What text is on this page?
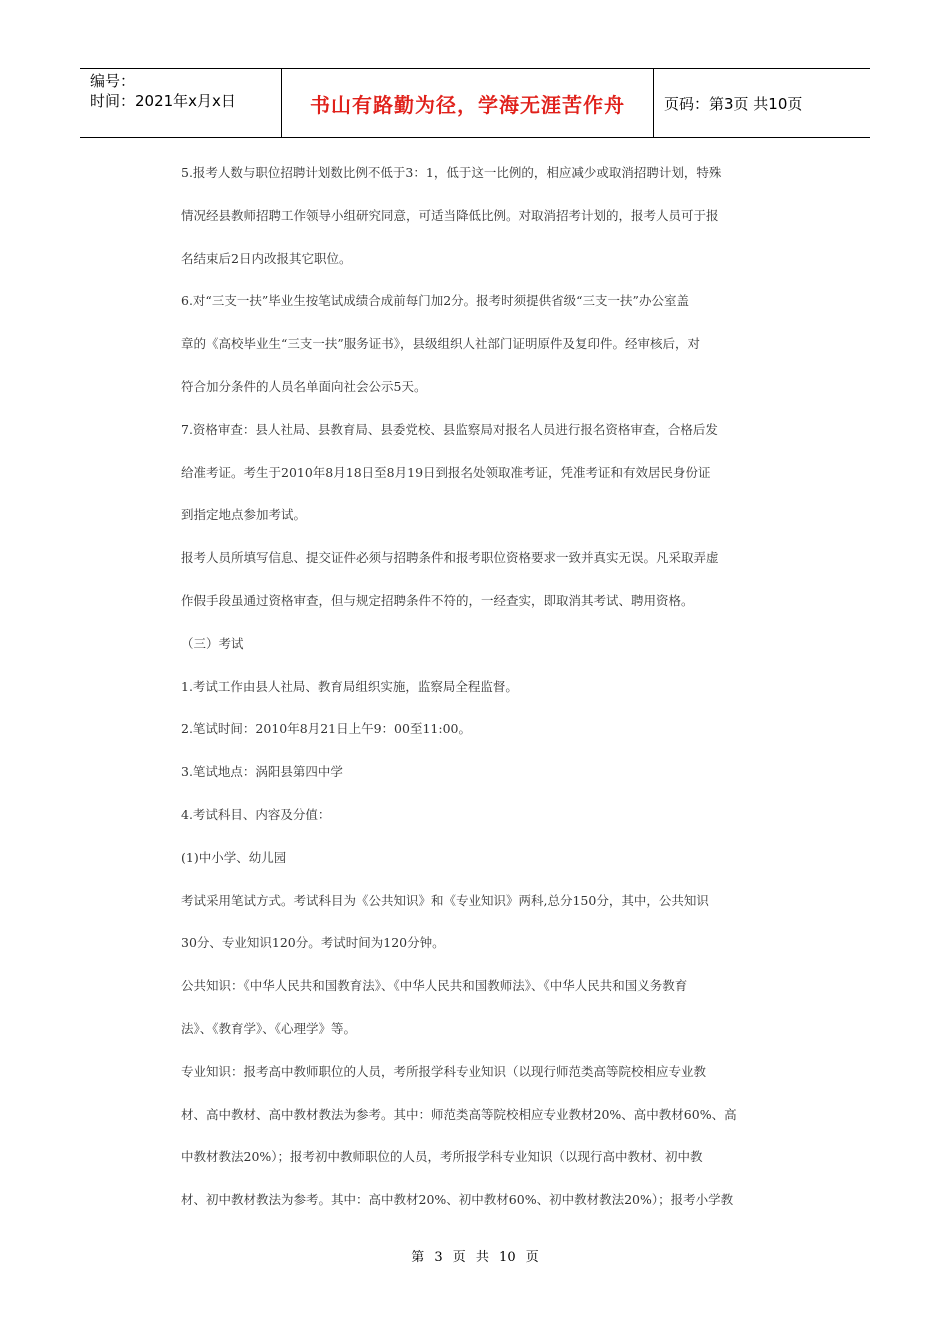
编号：
时间：2021年x月x日	书山有路勤为径，学海无涯苦作舟	页码：第3页 共10页

5.报考人数与职位招聘计划数比例不低于3：1，低于这一比例的，相应减少或取消招聘计划，特殊

情况经县教师招聘工作领导小组研究同意，可适当降低比例。对取消招考计划的，报考人员可于报

名结束后2日内改报其它职位。

6.对“三支一扶”毕业生按笔试成绩合成前每门加2分。报考时须提供省级“三支一扶”办公室盖

章的《高校毕业生“三支一扶”服务证书》，县级组织人社部门证明原件及复印件。经审核后，对

符合加分条件的人员名单面向社会公示5天。

7.资格审查：县人社局、县教育局、县委党校、县监察局对报名人员进行报名资格审查，合格后发

给准考证。考生于2010年8月18日至8月19日到报名处领取准考证，凭准考证和有效居民身份证

到指定地点参加考试。

报考人员所填写信息、提交证件必须与招聘条件和报考职位资格要求一致并真实无误。凡采取弄虚

作假手段虽通过资格审查，但与规定招聘条件不符的，一经查实，即取消其考试、聘用资格。

（三）考试

1.考试工作由县人社局、教育局组织实施，监察局全程监督。

2.笔试时间：2010年8月21日上午9：00至11:00。

3.笔试地点：涡阳县第四中学

4.考试科目、内容及分值：

(1)中小学、幼儿园

考试采用笔试方式。考试科目为《公共知识》和《专业知识》两科,总分150分，其中，公共知识

30分、专业知识120分。考试时间为120分钟。

公共知识：《中华人民共和国教育法》、《中华人民共和国教师法》、《中华人民共和国义务教育

法》、《教育学》、《心理学》等。

专业知识：报考高中教师职位的人员，考所报学科专业知识（以现行师范类高等院校相应专业教

材、高中教材、高中教材教法为参考。其中：师范类高等院校相应专业教材20%、高中教材60%、高

中教材教法20%）；报考初中教师职位的人员，考所报学科专业知识（以现行高中教材、初中教

材、初中教材教法为参考。其中：高中教材20%、初中教材60%、初中教材教法20%）；报考小学教

第 3 页 共 10 页
